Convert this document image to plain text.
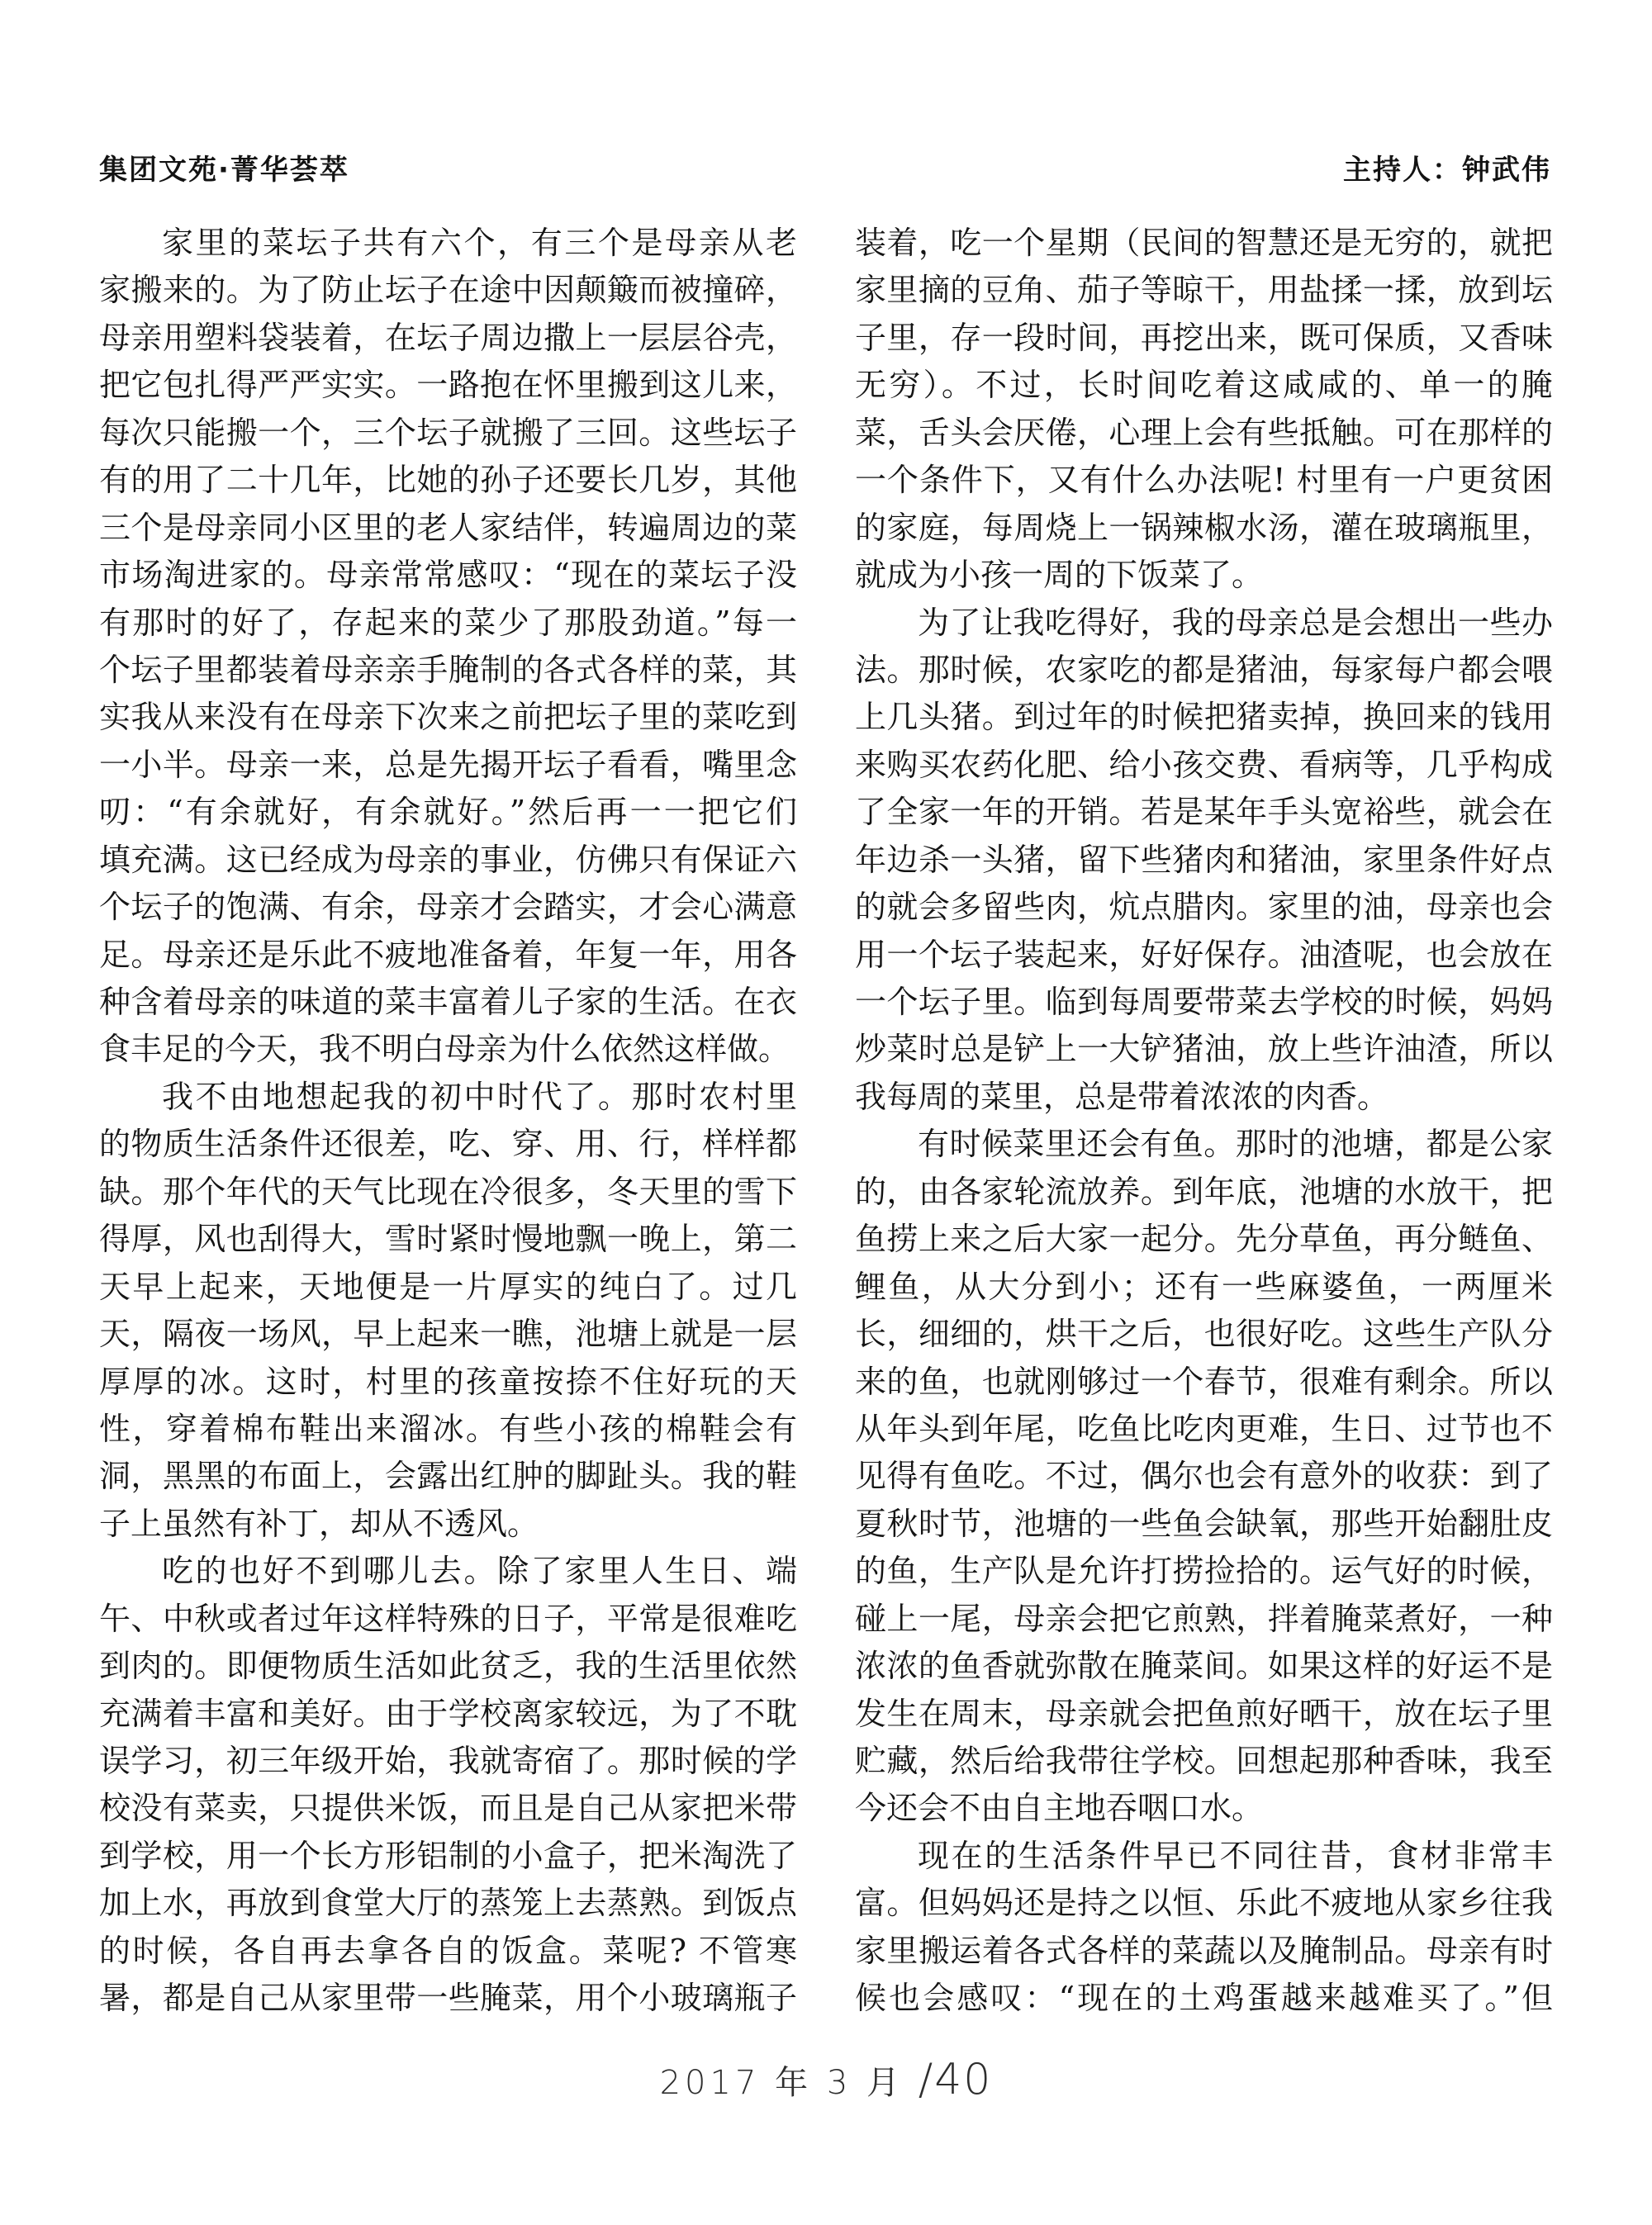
集团文苑·菁华荟萃	主持人：钟武伟
家里的菜坛子共有六个，有三个是母亲从老
家搬来的。为了防止坛子在途中因颠簸而被撞碎，
母亲用塑料袋装着，在坛子周边撒上一层层谷壳，
把它包扎得严严实实。一路抱在怀里搬到这儿来，
每次只能搬一个，三个坛子就搬了三回。这些坛子
有的用了二十几年，比她的孙子还要长几岁，其他
三个是母亲同小区里的老人家结伴，转遍周边的菜
市场淘进家的。母亲常常感叹：“现在的菜坛子没
有那时的好了，存起来的菜少了那股劲道。”每一
个坛子里都装着母亲亲手腌制的各式各样的菜，其
实我从来没有在母亲下次来之前把坛子里的菜吃到
一小半。母亲一来，总是先揭开坛子看看，嘴里念
叨：“有余就好，有余就好。”然后再一一把它们
填充满。这已经成为母亲的事业，仿佛只有保证六
个坛子的饱满、有余，母亲才会踏实，才会心满意
足。母亲还是乐此不疲地准备着，年复一年，用各
种含着母亲的味道的菜丰富着儿子家的生活。在衣
食丰足的今天，我不明白母亲为什么依然这样做。
我不由地想起我的初中时代了。那时农村里
的物质生活条件还很差，吃、穿、用、行，样样都
缺。那个年代的天气比现在冷很多，冬天里的雪下
得厚，风也刮得大，雪时紧时慢地飘一晚上，第二
天早上起来，天地便是一片厚实的纯白了。过几
天，隔夜一场风，早上起来一瞧，池塘上就是一层
厚厚的冰。这时，村里的孩童按捺不住好玩的天
性，穿着棉布鞋出来溜冰。有些小孩的棉鞋会有
洞，黑黑的布面上，会露出红肿的脚趾头。我的鞋
子上虽然有补丁，却从不透风。
吃的也好不到哪儿去。除了家里人生日、端
午、中秋或者过年这样特殊的日子，平常是很难吃
到肉的。即便物质生活如此贫乏，我的生活里依然
充满着丰富和美好。由于学校离家较远，为了不耽
误学习，初三年级开始，我就寄宿了。那时候的学
校没有菜卖，只提供米饭，而且是自己从家把米带
到学校，用一个长方形铝制的小盒子，把米淘洗了
加上水，再放到食堂大厅的蒸笼上去蒸熟。到饭点
的时候，各自再去拿各自的饭盒。菜呢? 不管寒
暑，都是自己从家里带一些腌菜，用个小玻璃瓶子
装着，吃一个星期（民间的智慧还是无穷的，就把
家里摘的豆角、茄子等晾干，用盐揉一揉，放到坛
子里，存一段时间，再挖出来，既可保质，又香味
无穷）。不过，长时间吃着这咸咸的、单一的腌
菜，舌头会厌倦，心理上会有些抵触。可在那样的
一个条件下，又有什么办法呢! 村里有一户更贫困
的家庭，每周烧上一锅辣椒水汤，灌在玻璃瓶里，
就成为小孩一周的下饭菜了。
为了让我吃得好，我的母亲总是会想出一些办
法。那时候，农家吃的都是猪油，每家每户都会喂
上几头猪。到过年的时候把猪卖掉，换回来的钱用
来购买农药化肥、给小孩交费、看病等，几乎构成
了全家一年的开销。若是某年手头宽裕些，就会在
年边杀一头猪，留下些猪肉和猪油，家里条件好点
的就会多留些肉，炕点腊肉。家里的油，母亲也会
用一个坛子装起来，好好保存。油渣呢，也会放在
一个坛子里。临到每周要带菜去学校的时候，妈妈
炒菜时总是铲上一大铲猪油，放上些许油渣，所以
我每周的菜里，总是带着浓浓的肉香。
有时候菜里还会有鱼。那时的池塘，都是公家
的，由各家轮流放养。到年底，池塘的水放干，把
鱼捞上来之后大家一起分。先分草鱼，再分鲢鱼、
鲤鱼，从大分到小；还有一些麻婆鱼，一两厘米
长，细细的，烘干之后，也很好吃。这些生产队分
来的鱼，也就刚够过一个春节，很难有剩余。所以
从年头到年尾，吃鱼比吃肉更难，生日、过节也不
见得有鱼吃。不过，偶尔也会有意外的收获：到了
夏秋时节，池塘的一些鱼会缺氧，那些开始翻肚皮
的鱼，生产队是允许打捞捡拾的。运气好的时候，
碰上一尾，母亲会把它煎熟，拌着腌菜煮好，一种
浓浓的鱼香就弥散在腌菜间。如果这样的好运不是
发生在周末，母亲就会把鱼煎好晒干，放在坛子里
贮藏，然后给我带往学校。回想起那种香味，我至
今还会不由自主地吞咽口水。
现在的生活条件早已不同往昔，食材非常丰
富。但妈妈还是持之以恒、乐此不疲地从家乡往我
家里搬运着各式各样的菜蔬以及腌制品。母亲有时
候也会感叹：“现在的土鸡蛋越来越难买了。”但
2017 年 3 月 /40
